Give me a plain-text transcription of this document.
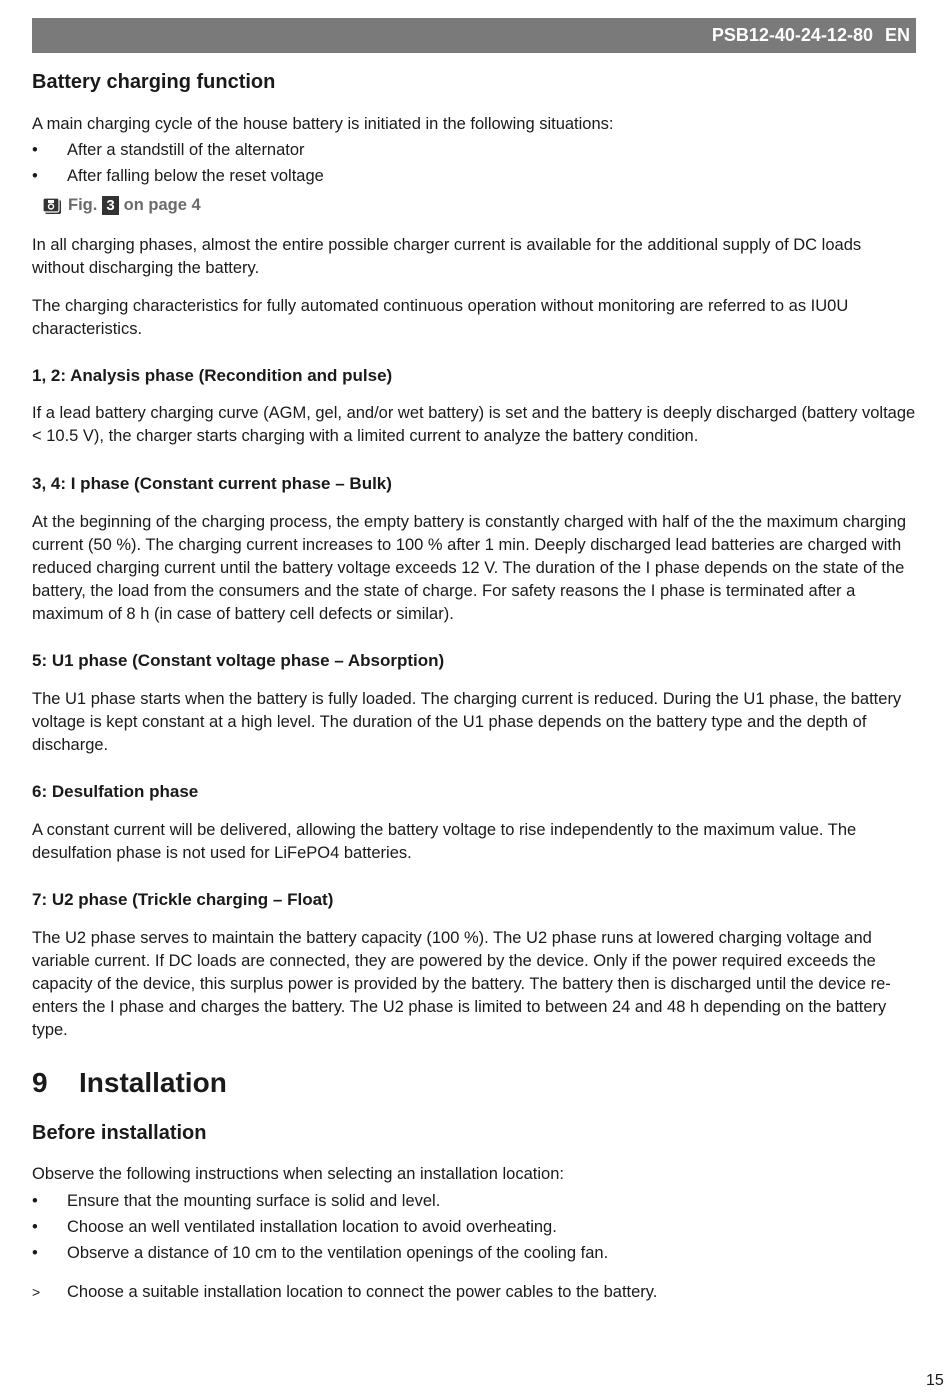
PSB12-40-24-12-80 EN
Battery charging function

A main charging cycle of the house battery is initiated in the following situations:

• After a standstill of the alternator
• After falling below the reset voltage
Fig. 3 on page 4

In all charging phases, almost the entire possible charger current is available for the additional supply of DC loads without discharging the battery.

The charging characteristics for fully automated continuous operation without monitoring are referred to as IU0U characteristics.

1, 2: Analysis phase (Recondition and pulse)

If a lead battery charging curve (AGM, gel, and/or wet battery) is set and the battery is deeply discharged (battery voltage < 10.5 V), the charger starts charging with a limited current to analyze the battery condition.

3, 4: I phase (Constant current phase – Bulk)

At the beginning of the charging process, the empty battery is constantly charged with half of the the maximum charging current (50 %). The charging current increases to 100 % after 1 min. Deeply discharged lead batteries are charged with reduced charging current until the battery voltage exceeds 12 V. The duration of the I phase depends on the state of the battery, the load from the consumers and the state of charge. For safety reasons the I phase is terminated after a maximum of 8 h (in case of battery cell defects or similar).

5: U1 phase (Constant voltage phase – Absorption)

The U1 phase starts when the battery is fully loaded. The charging current is reduced. During the U1 phase, the battery voltage is kept constant at a high level. The duration of the U1 phase depends on the battery type and the depth of discharge.

6: Desulfation phase

A constant current will be delivered, allowing the battery voltage to rise independently to the maximum value. The desulfation phase is not used for LiFePO4 batteries.

7: U2 phase (Trickle charging – Float)

The U2 phase serves to maintain the battery capacity (100 %). The U2 phase runs at lowered charging voltage and variable current. If DC loads are connected, they are powered by the device. Only if the power required exceeds the capacity of the device, this surplus power is provided by the battery. The battery then is discharged until the device re-enters the I phase and charges the battery. The U2 phase is limited to between 24 and 48 h depending on the battery type.

9 Installation
Before installation

Observe the following instructions when selecting an installation location:

• Ensure that the mounting surface is solid and level.
• Choose an well ventilated installation location to avoid overheating.
• Observe a distance of 10 cm to the ventilation openings of the cooling fan.
> Choose a suitable installation location to connect the power cables to the battery.
15
